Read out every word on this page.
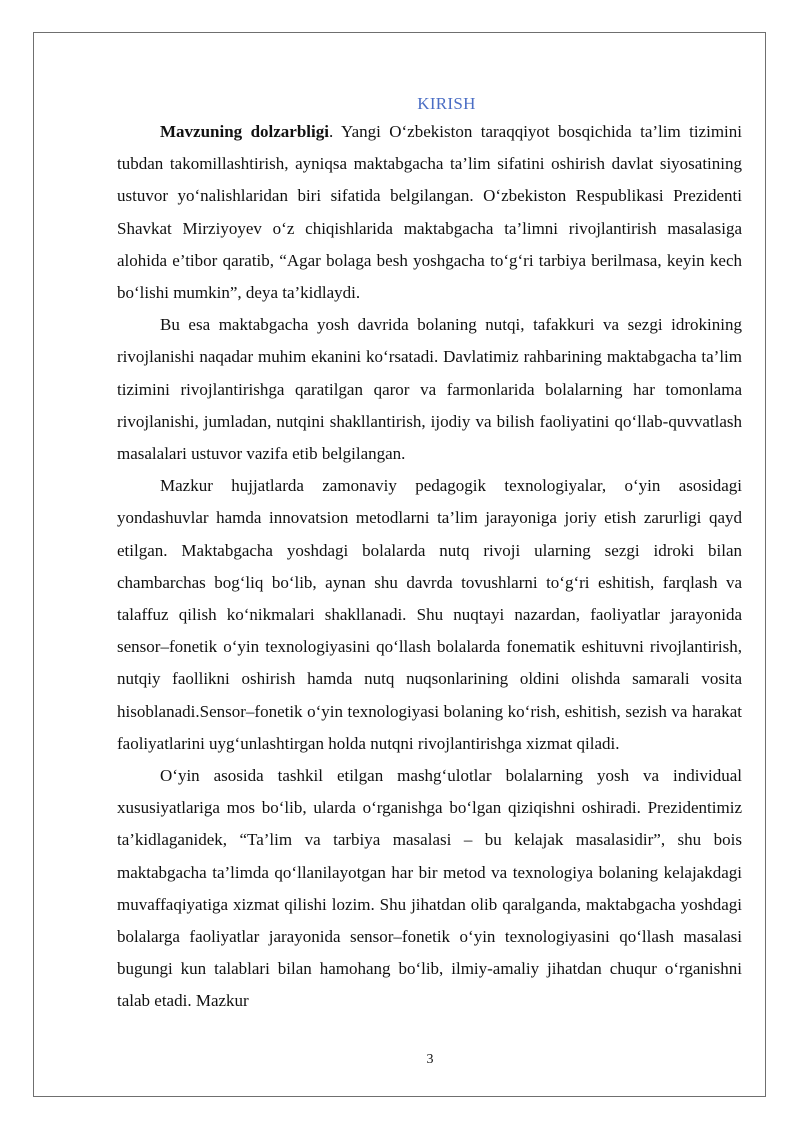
KIRISH

Mavzuning dolzarbligi. Yangi O‘zbekiston taraqqiyot bosqichida ta’lim tizimini tubdan takomillashtirish, ayniqsa maktabgacha ta’lim sifatini oshirish davlat siyosatining ustuvor yo‘nalishlaridan biri sifatida belgilangan. O‘zbekiston Respublikasi Prezidenti Shavkat Mirziyoyev o‘z chiqishlarida maktabgacha ta’limni rivojlantirish masalasiga alohida e’tibor qaratib, “Agar bolaga besh yoshgacha to‘g‘ri tarbiya berilmasa, keyin kech bo‘lishi mumkin”, deya ta’kidlaydi.

Bu esa maktabgacha yosh davrida bolaning nutqi, tafakkuri va sezgi idrokining rivojlanishi naqadar muhim ekanini ko‘rsatadi. Davlatimiz rahbarining maktabgacha ta’lim tizimini rivojlantirishga qaratilgan qaror va farmonlarida bolalarning har tomonlama rivojlanishi, jumladan, nutqini shakllantirish, ijodiy va bilish faoliyatini qo‘llab-quvvatlash masalalari ustuvor vazifa etib belgilangan.

Mazkur hujjatlarda zamonaviy pedagogik texnologiyalar, o‘yin asosidagi yondashuvlar hamda innovatsion metodlarni ta’lim jarayoniga joriy etish zarurligi qayd etilgan. Maktabgacha yoshdagi bolalarda nutq rivoji ularning sezgi idroki bilan chambarchas bog‘liq bo‘lib, aynan shu davrda tovushlarni to‘g‘ri eshitish, farqlash va talaffuz qilish ko‘nikmalari shakllanadi. Shu nuqtayi nazardan, faoliyatlar jarayonida sensor–fonetik o‘yin texnologiyasini qo‘llash bolalarda fonematik eshituvni rivojlantirish, nutqiy faollikni oshirish hamda nutq nuqsonlarining oldini olishda samarali vosita hisoblanadi.Sensor–fonetik o‘yin texnologiyasi bolaning ko‘rish, eshitish, sezish va harakat faoliyatlarini uyg‘unlashtirgan holda nutqni rivojlantirishga xizmat qiladi.

O‘yin asosida tashkil etilgan mashg‘ulotlar bolalarning yosh va individual xususiyatlariga mos bo‘lib, ularda o‘rganishga bo‘lgan qiziqishni oshiradi. Prezidentimiz ta’kidlaganidek, “Ta’lim va tarbiya masalasi – bu kelajak masalasidir”, shu bois maktabgacha ta’limda qo‘llanilayotgan har bir metod va texnologiya bolaning kelajakdagi muvaffaqiyatiga xizmat qilishi lozim. Shu jihatdan olib qaralganda, maktabgacha yoshdagi bolalarga faoliyatlar jarayonida sensor–fonetik o‘yin texnologiyasini qo‘llash masalasi bugungi kun talablari bilan hamohang bo‘lib, ilmiy-amaliy jihatdan chuqur o‘rganishni talab etadi. Mazkur

3
